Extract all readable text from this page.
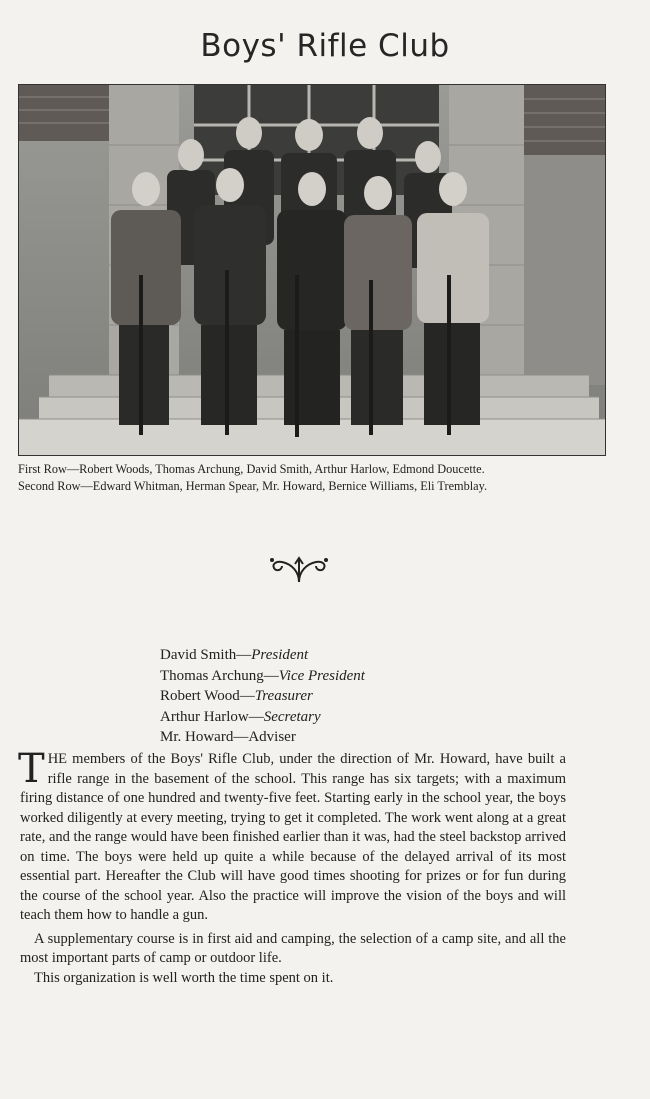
Boys' Rifle Club
First Row—Robert Woods, Thomas Archung, David Smith, Arthur Harlow, Edmond Doucette.
Second Row—Edward Whitman, Herman Spear, Mr. Howard, Bernice Williams, Eli Tremblay.
David Smith—President
Thomas Archung—Vice President
Robert Wood—Treasurer
Arthur Harlow—Secretary
Mr. Howard—Adviser

THE members of the Boys' Rifle Club, under the direction of Mr. Howard, have built a rifle range in the basement of the school. This range has six targets; with a maximum firing distance of one hundred and twenty-five feet. Starting early in the school year, the boys worked diligently at every meeting, trying to get it completed. The work went along at a great rate, and the range would have been finished earlier than it was, had the steel backstop arrived on time. The boys were held up quite a while because of the delayed arrival of its most essential part. Hereafter the Club will have good times shooting for prizes or for fun during the course of the school year. Also the practice will improve the vision of the boys and will teach them how to handle a gun.

A supplementary course is in first aid and camping, the selection of a camp site, and all the most important parts of camp or outdoor life.

This organization is well worth the time spent on it.
